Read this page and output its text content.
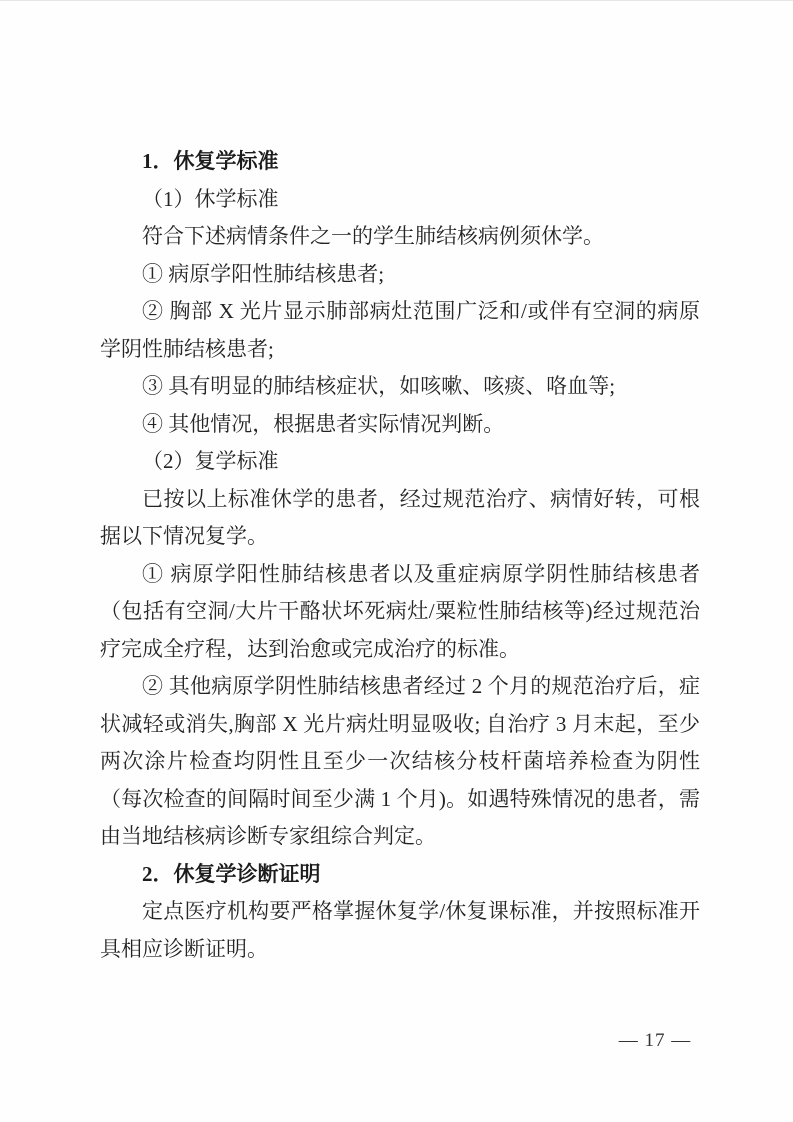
1．休复学标准

（1）休学标准

符合下述病情条件之一的学生肺结核病例须休学。

① 病原学阳性肺结核患者;

② 胸部 X 光片显示肺部病灶范围广泛和/或伴有空洞的病原学阴性肺结核患者;

③ 具有明显的肺结核症状，如咳嗽、咳痰、咯血等;

④ 其他情况，根据患者实际情况判断。

（2）复学标准

已按以上标准休学的患者，经过规范治疗、病情好转，可根据以下情况复学。

① 病原学阳性肺结核患者以及重症病原学阴性肺结核患者（包括有空洞/大片干酪状坏死病灶/粟粒性肺结核等)经过规范治疗完成全疗程，达到治愈或完成治疗的标准。

② 其他病原学阴性肺结核患者经过 2 个月的规范治疗后，症状减轻或消失,胸部 X 光片病灶明显吸收; 自治疗 3 月末起，至少两次涂片检查均阴性且至少一次结核分枝杆菌培养检查为阴性（每次检查的间隔时间至少满 1 个月)。如遇特殊情况的患者，需由当地结核病诊断专家组综合判定。

2．休复学诊断证明

定点医疗机构要严格掌握休复学/休复课标准，并按照标准开具相应诊断证明。

— 17 —
